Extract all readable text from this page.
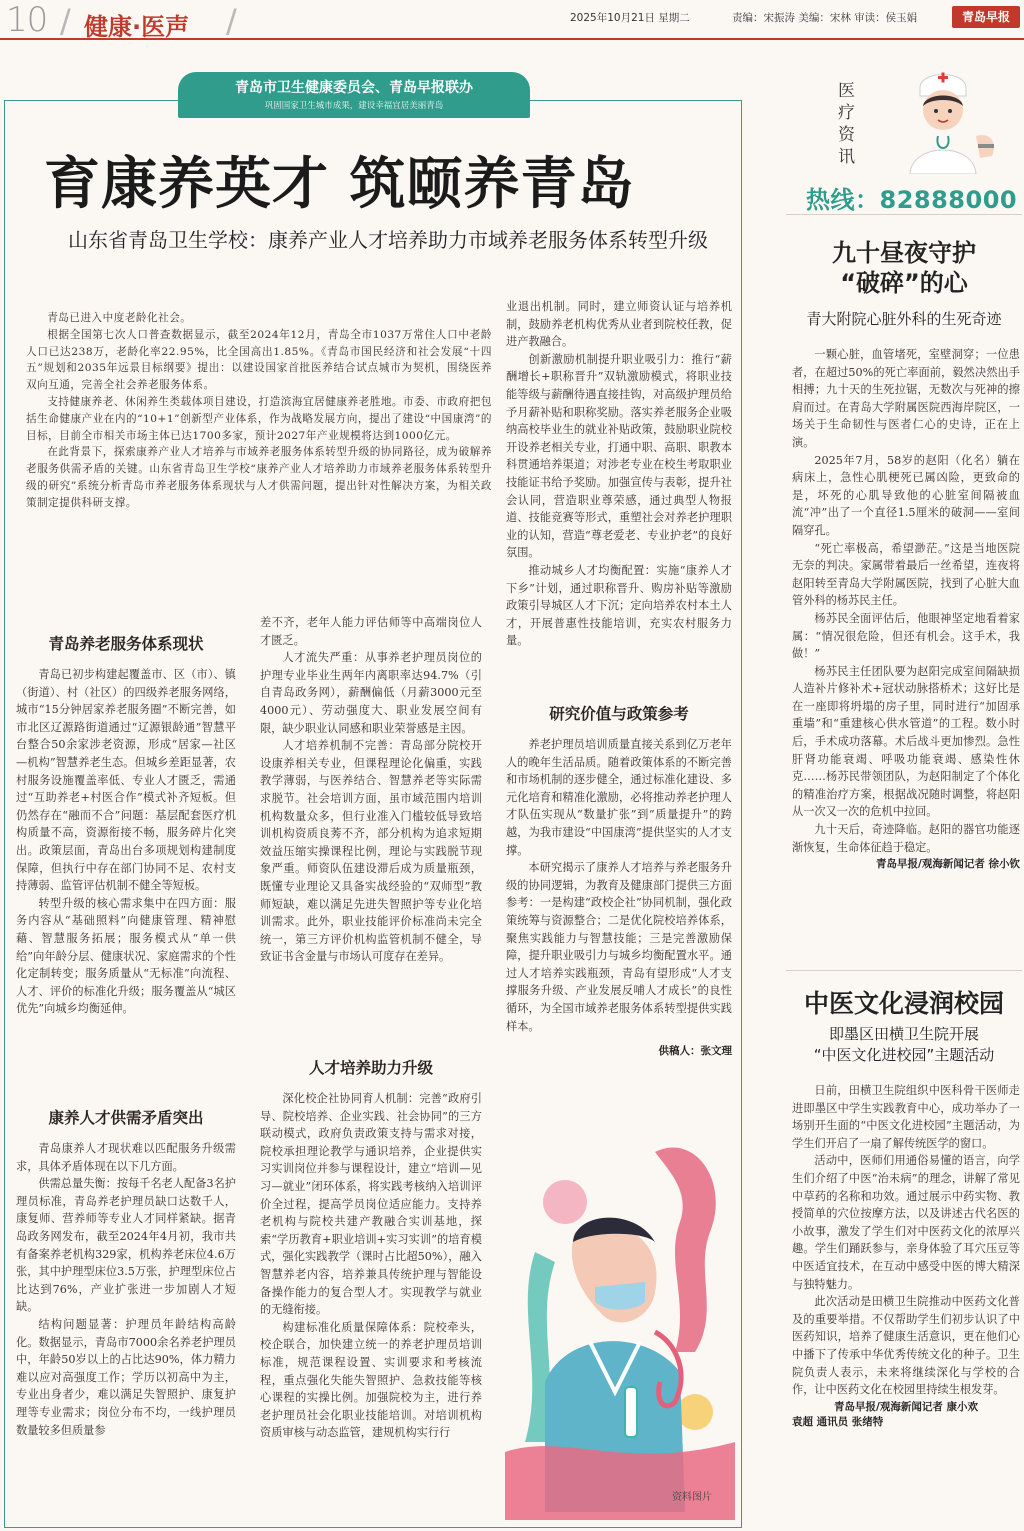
10 / 健康·医声 /	2025年10月21日 星期二	责编：宋振涛 美编：宋林 审读：侯玉娟	青岛早报
青岛市卫生健康委员会、青岛早报联办
巩固国家卫生城市成果，建设幸福宜居美丽青岛
育康养英才 筑颐养青岛
山东省青岛卫生学校：康养产业人才培养助力市域养老服务体系转型升级

青岛已进入中度老龄化社会。

根据全国第七次人口普查数据显示，截至2024年12月，青岛全市1037万常住人口中老龄人口已达238万，老龄化率22.95%，比全国高出1.85%。《青岛市国民经济和社会发展“十四五”规划和2035年远景目标纲要》提出：以建设国家首批医养结合试点城市为契机，围绕医养双向互通，完善全社会养老服务体系。

支持健康养老、休闲养生类载体项目建设，打造滨海宜居健康养老胜地。市委、市政府把包括生命健康产业在内的“10+1”创新型产业体系，作为战略发展方向，提出了建设“中国康湾”的目标，目前全市相关市场主体已达1700多家，预计2027年产业规模将达到1000亿元。

在此背景下，探索康养产业人才培养与市域养老服务体系转型升级的协同路径，成为破解养老服务供需矛盾的关键。山东省青岛卫生学校“康养产业人才培养助力市域养老服务体系转型升级的研究”系统分析青岛市养老服务体系现状与人才供需问题，提出针对性解决方案，为相关政策制定提供科研支撑。

青岛养老服务体系现状

青岛已初步构建起覆盖市、区（市）、镇（街道）、村（社区）的四级养老服务网络，城市“15分钟居家养老服务圈”不断完善，如市北区辽源路街道通过“辽源银龄通”智慧平台整合50余家涉老资源，形成“居家—社区—机构”智慧养老生态。但城乡差距显著，农村服务设施覆盖率低、专业人才匮乏，需通过“互助养老+村医合作”模式补齐短板。但仍然存在“融而不合”问题：基层配套医疗机构质量不高，资源衔接不畅，服务碎片化突出。政策层面，青岛出台多项规划构建制度保障，但执行中存在部门协同不足、农村支持薄弱、监管评估机制不健全等短板。

转型升级的核心需求集中在四方面：服务内容从“基础照料”向健康管理、精神慰藉、智慧服务拓展；服务模式从“单一供给”向年龄分层、健康状况、家庭需求的个性化定制转变；服务质量从“无标准”向流程、人才、评价的标准化升级；服务覆盖从“城区优先”向城乡均衡延伸。

康养人才供需矛盾突出

青岛康养人才现状难以匹配服务升级需求，具体矛盾体现在以下几方面。

供需总量失衡：按每千名老人配备3名护理员标准，青岛养老护理员缺口达数千人，康复师、营养师等专业人才同样紧缺。据青岛政务网发布，截至2024年4月初，我市共有备案养老机构329家，机构养老床位4.6万张，其中护理型床位3.5万张，护理型床位占比达到76%，产业扩张进一步加剧人才短缺。

结构问题显著：护理员年龄结构高龄化。数据显示，青岛市7000余名养老护理员中，年龄50岁以上的占比达90%，体力精力难以应对高强度工作；学历以初高中为主，专业出身者少，难以满足失智照护、康复护理等专业需求；岗位分布不均，一线护理员数量较多但质量参

差不齐，老年人能力评估师等中高端岗位人才匮乏。

人才流失严重：从事养老护理员岗位的护理专业毕业生两年内离职率达94.7%（引自青岛政务网），薪酬偏低（月薪3000元至4000元）、劳动强度大、职业发展空间有限，缺少职业认同感和职业荣誉感是主因。

人才培养机制不完善：青岛部分院校开设康养相关专业，但课程理论化偏重，实践教学薄弱，与医养结合、智慧养老等实际需求脱节。社会培训方面，虽市域范围内培训机构数量众多，但行业准入门槛较低导致培训机构资质良莠不齐，部分机构为追求短期效益压缩实操课程比例，理论与实践脱节现象严重。师资队伍建设滞后成为质量瓶颈，既懂专业理论又具备实战经验的“双师型”教师短缺，难以满足先进失智照护等专业化培训需求。此外，职业技能评价标准尚未完全统一，第三方评价机构监管机制不健全，导致证书含金量与市场认可度存在差异。

人才培养助力升级

深化校企社协同育人机制：完善“政府引导、院校培养、企业实践、社会协同”的三方联动模式，政府负责政策支持与需求对接，院校承担理论教学与通识培养，企业提供实习实训岗位并参与课程设计，建立“培训—见习—就业”闭环体系，将实践考核纳入培训评价全过程，提高学员岗位适应能力。支持养老机构与院校共建产教融合实训基地，探索“学历教育+职业培训+实习实训”的培育模式，强化实践教学（课时占比超50%），融入智慧养老内容，培养兼具传统护理与智能设备操作能力的复合型人才。实现教学与就业的无缝衔接。

构建标准化质量保障体系：院校牵头，校企联合，加快建立统一的养老护理员培训标准，规范课程设置、实训要求和考核流程，重点强化失能失智照护、急救技能等核心课程的实操比例。加强院校为主，进行养老护理员社会化职业技能培训。对培训机构资质审核与动态监管，建规机构实行行

业退出机制。同时，建立师资认证与培养机制，鼓励养老机构优秀从业者到院校任教，促进产教融合。

创新激励机制提升职业吸引力：推行“薪酬增长+职称晋升”双轨激励模式，将职业技能等级与薪酬待遇直接挂钩，对高级护理员给予月薪补贴和职称奖励。落实养老服务企业吸纳高校毕业生的就业补贴政策，鼓励职业院校开设养老相关专业，打通中职、高职、职教本科贯通培养渠道；对涉老专业在校生考取职业技能证书给予奖励。加强宣传与表彰，提升社会认同，营造职业尊荣感，通过典型人物报道、技能竞赛等形式，重塑社会对养老护理职业的认知，营造“尊老爱老、专业护老”的良好氛围。

推动城乡人才均衡配置：实施“康养人才下乡”计划，通过职称晋升、购房补贴等激励政策引导城区人才下沉；定向培养农村本土人才，开展普惠性技能培训，充实农村服务力量。

研究价值与政策参考

养老护理员培训质量直接关系到亿万老年人的晚年生活品质。随着政策体系的不断完善和市场机制的逐步健全，通过标准化建设、多元化培育和精准化激励，必将推动养老护理人才队伍实现从“数量扩张”到“质量提升”的跨越，为我市建设“中国康湾”提供坚实的人才支撑。

本研究揭示了康养人才培养与养老服务升级的协同逻辑，为教育及健康部门提供三方面参考：一是构建“政校企社”协同机制，强化政策统筹与资源整合；二是优化院校培养体系，聚焦实践能力与智慧技能；三是完善激励保障，提升职业吸引力与城乡均衡配置水平。通过人才培养实践瓶颈，青岛有望形成“人才支撑服务升级、产业发展反哺人才成长”的良性循环，为全国市域养老服务体系转型提供实践样本。

供稿人：张文理
资料图片
医疗资讯
热线：82888000
九十昼夜守护
“破碎”的心
青大附院心脏外科的生死奇迹

一颗心脏，血管堵死，室壁洞穿；一位患者，在超过50%的死亡率面前，毅然决然出手相搏；九十天的生死拉锯，无数次与死神的擦肩而过。在青岛大学附属医院西海岸院区，一场关于生命韧性与医者仁心的史诗，正在上演。

2025年7月，58岁的赵阳（化名）躺在病床上，急性心肌梗死已属凶险，更致命的是，坏死的心肌导致他的心脏室间隔被血流“冲”出了一个直径1.5厘米的破洞——室间隔穿孔。

“死亡率极高，希望渺茫。”这是当地医院无奈的判决。家属带着最后一丝希望，连夜将赵阳转至青岛大学附属医院，找到了心脏大血管外科的杨苏民主任。

杨苏民全面评估后，他眼神坚定地看着家属：“情况很危险，但还有机会。这手术，我做！”

杨苏民主任团队要为赵阳完成室间隔缺损人造补片修补术+冠状动脉搭桥术；这好比是在一座即将坍塌的房子里，同时进行“加固承重墙”和“重建核心供水管道”的工程。数小时后，手术成功落幕。术后战斗更加惨烈。急性肝肾功能衰竭、呼吸功能衰竭、感染性休克……杨苏民带领团队，为赵阳制定了个体化的精准治疗方案，根据战况随时调整，将赵阳从一次又一次的危机中拉回。

九十天后，奇迹降临。赵阳的器官功能逐渐恢复，生命体征趋于稳定。

青岛早报/观海新闻记者 徐小钦
中医文化浸润校园
即墨区田横卫生院开展
“中医文化进校园”主题活动

日前，田横卫生院组织中医科骨干医师走进即墨区中学生实践教育中心，成功举办了一场别开生面的“中医文化进校园”主题活动，为学生们开启了一扇了解传统医学的窗口。

活动中，医师们用通俗易懂的语言，向学生们介绍了中医“治未病”的理念，讲解了常见中草药的名称和功效。通过展示中药实物、教授简单的穴位按摩方法，以及讲述古代名医的小故事，激发了学生们对中医药文化的浓厚兴趣。学生们踊跃参与，亲身体验了耳穴压豆等中医适宜技术，在互动中感受中医的博大精深与独特魅力。

此次活动是田横卫生院推动中医药文化普及的重要举措。不仅帮助学生们初步认识了中医药知识，培养了健康生活意识，更在他们心中播下了传承中华优秀传统文化的种子。卫生院负责人表示，未来将继续深化与学校的合作，让中医药文化在校园里持续生根发芽。

青岛早报/观海新闻记者 康小欢
袁超 通讯员 张绪特
